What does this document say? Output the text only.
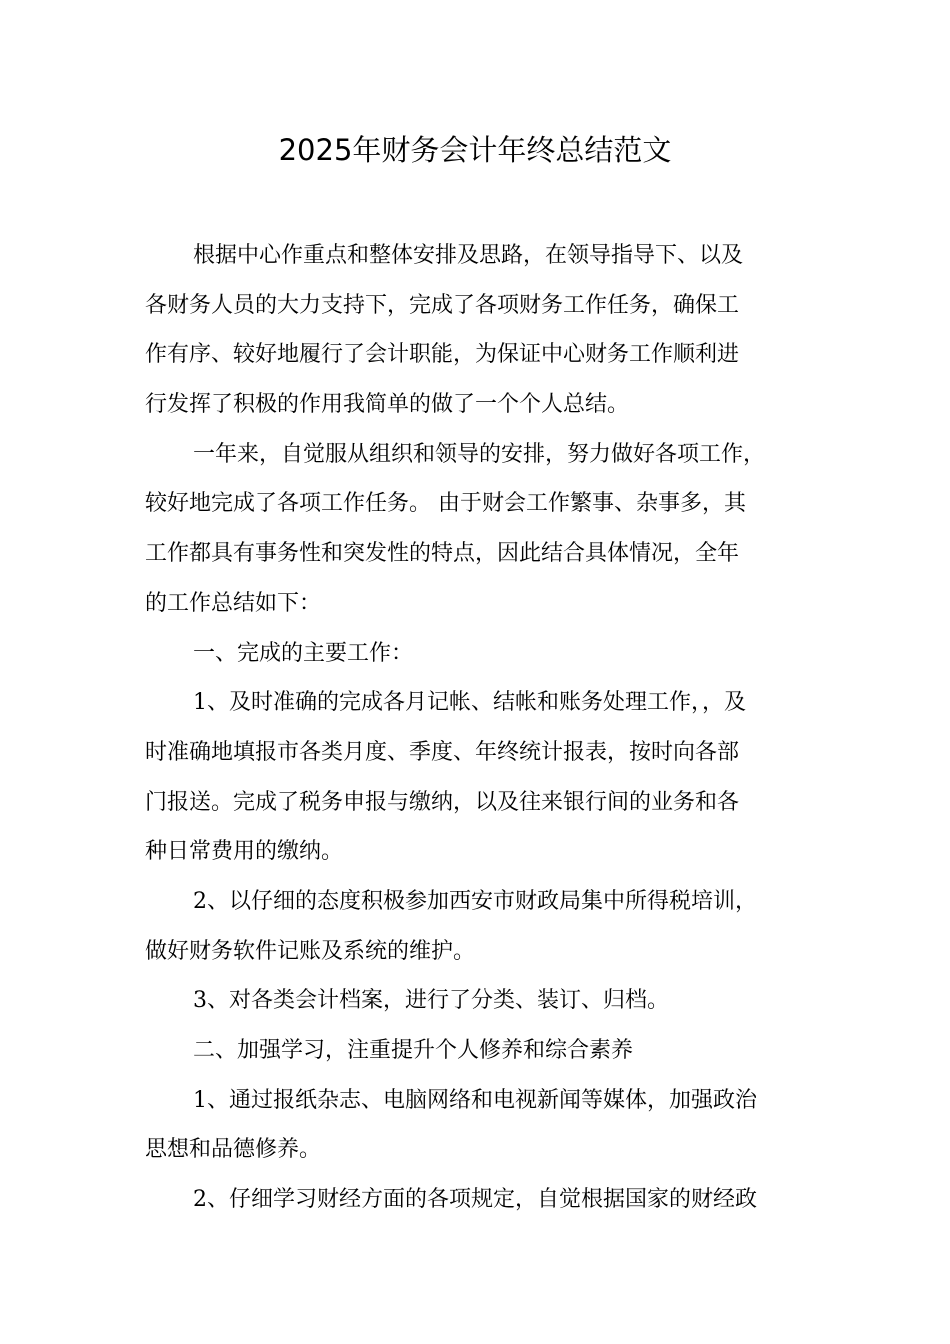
2025年财务会计年终总结范文
根据中心作重点和整体安排及思路，在领导指导下、以及
各财务人员的大力支持下，完成了各项财务工作任务，确保工
作有序、较好地履行了会计职能，为保证中心财务工作顺利进
行发挥了积极的作用我简单的做了一个个人总结。
一年来，自觉服从组织和领导的安排，努力做好各项工作，
较好地完成了各项工作任务。 由于财会工作繁事、杂事多，其
工作都具有事务性和突发性的特点，因此结合具体情况，全年
的工作总结如下：
一、完成的主要工作：
1、及时准确的完成各月记帐、结帐和账务处理工作，，及
时准确地填报市各类月度、季度、年终统计报表，按时向各部
门报送。完成了税务申报与缴纳，以及往来银行间的业务和各
种日常费用的缴纳。
2、以仔细的态度积极参加西安市财政局集中所得税培训，
做好财务软件记账及系统的维护。
3、对各类会计档案，进行了分类、装订、归档。
二、加强学习，注重提升个人修养和综合素养
1、通过报纸杂志、电脑网络和电视新闻等媒体，加强政治
思想和品德修养。
2、仔细学习财经方面的各项规定，自觉根据国家的财经政
